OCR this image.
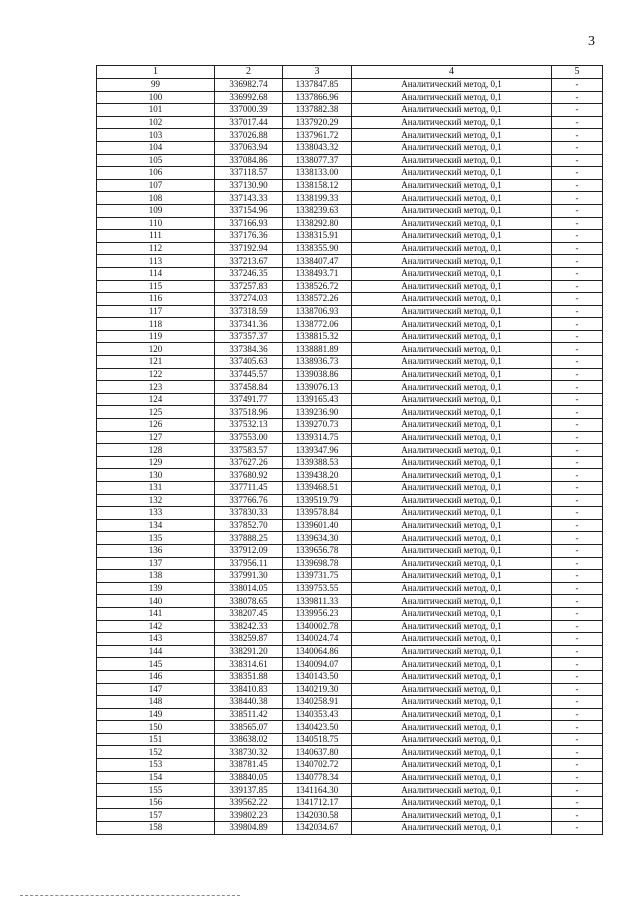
3
1	2	3	4	5
99	336982.74	1337847.85	Аналитический метод, 0,1	-
100	336992.68	1337866.96	Аналитический метод, 0,1	-
101	337000.39	1337882.38	Аналитический метод, 0,1	-
102	337017.44	1337920.29	Аналитический метод, 0,1	-
103	337026.88	1337961.72	Аналитический метод, 0,1	-
104	337063.94	1338043.32	Аналитический метод, 0,1	-
105	337084.86	1338077.37	Аналитический метод, 0,1	-
106	337118.57	1338133.00	Аналитический метод, 0,1	-
107	337130.90	1338158.12	Аналитический метод, 0,1	-
108	337143.33	1338199.33	Аналитический метод, 0,1	-
109	337154.96	1338239.63	Аналитический метод, 0,1	-
110	337166.93	1338292.80	Аналитический метод, 0,1	-
111	337176.36	1338315.91	Аналитический метод, 0,1	-
112	337192.94	1338355.90	Аналитический метод, 0,1	-
113	337213.67	1338407.47	Аналитический метод, 0,1	-
114	337246.35	1338493.71	Аналитический метод, 0,1	-
115	337257.83	1338526.72	Аналитический метод, 0,1	-
116	337274.03	1338572.26	Аналитический метод, 0,1	-
117	337318.59	1338706.93	Аналитический метод, 0,1	-
118	337341.36	1338772.06	Аналитический метод, 0,1	-
119	337357.37	1338815.32	Аналитический метод, 0,1	-
120	337384.36	1338881.89	Аналитический метод, 0,1	-
121	337405.63	1338936.73	Аналитический метод, 0,1	-
122	337445.57	1339038.86	Аналитический метод, 0,1	-
123	337458.84	1339076.13	Аналитический метод, 0,1	-
124	337491.77	1339165.43	Аналитический метод, 0,1	-
125	337518.96	1339236.90	Аналитический метод, 0,1	-
126	337532.13	1339270.73	Аналитический метод, 0,1	-
127	337553.00	1339314.75	Аналитический метод, 0,1	-
128	337583.57	1339347.96	Аналитический метод, 0,1	-
129	337627.26	1339388.53	Аналитический метод, 0,1	-
130	337680.92	1339438.20	Аналитический метод, 0,1	-
131	337711.45	1339468.51	Аналитический метод, 0,1	-
132	337766.76	1339519.79	Аналитический метод, 0,1	-
133	337830.33	1339578.84	Аналитический метод, 0,1	-
134	337852.70	1339601.40	Аналитический метод, 0,1	-
135	337888.25	1339634.30	Аналитический метод, 0,1	-
136	337912.09	1339656.78	Аналитический метод, 0,1	-
137	337956.11	1339698.78	Аналитический метод, 0,1	-
138	337991.30	1339731.75	Аналитический метод, 0,1	-
139	338014.05	1339753.55	Аналитический метод, 0,1	-
140	338078.65	1339811.33	Аналитический метод, 0,1	-
141	338207.45	1339956.23	Аналитический метод, 0,1	-
142	338242.33	1340002.78	Аналитический метод, 0,1	-
143	338259.87	1340024.74	Аналитический метод, 0,1	-
144	338291.20	1340064.86	Аналитический метод, 0,1	-
145	338314.61	1340094.07	Аналитический метод, 0,1	-
146	338351.88	1340143.50	Аналитический метод, 0,1	-
147	338410.83	1340219.30	Аналитический метод, 0,1	-
148	338440.38	1340258.91	Аналитический метод, 0,1	-
149	338511.42	1340353.43	Аналитический метод, 0,1	-
150	338565.07	1340423.50	Аналитический метод, 0,1	-
151	338638.02	1340518.75	Аналитический метод, 0,1	-
152	338730.32	1340637.80	Аналитический метод, 0,1	-
153	338781.45	1340702.72	Аналитический метод, 0,1	-
154	338840.05	1340778.34	Аналитический метод, 0,1	-
155	339137.85	1341164.30	Аналитический метод, 0,1	-
156	339562.22	1341712.17	Аналитический метод, 0,1	-
157	339802.23	1342030.58	Аналитический метод, 0,1	-
158	339804.89	1342034.67	Аналитический метод, 0,1	-
